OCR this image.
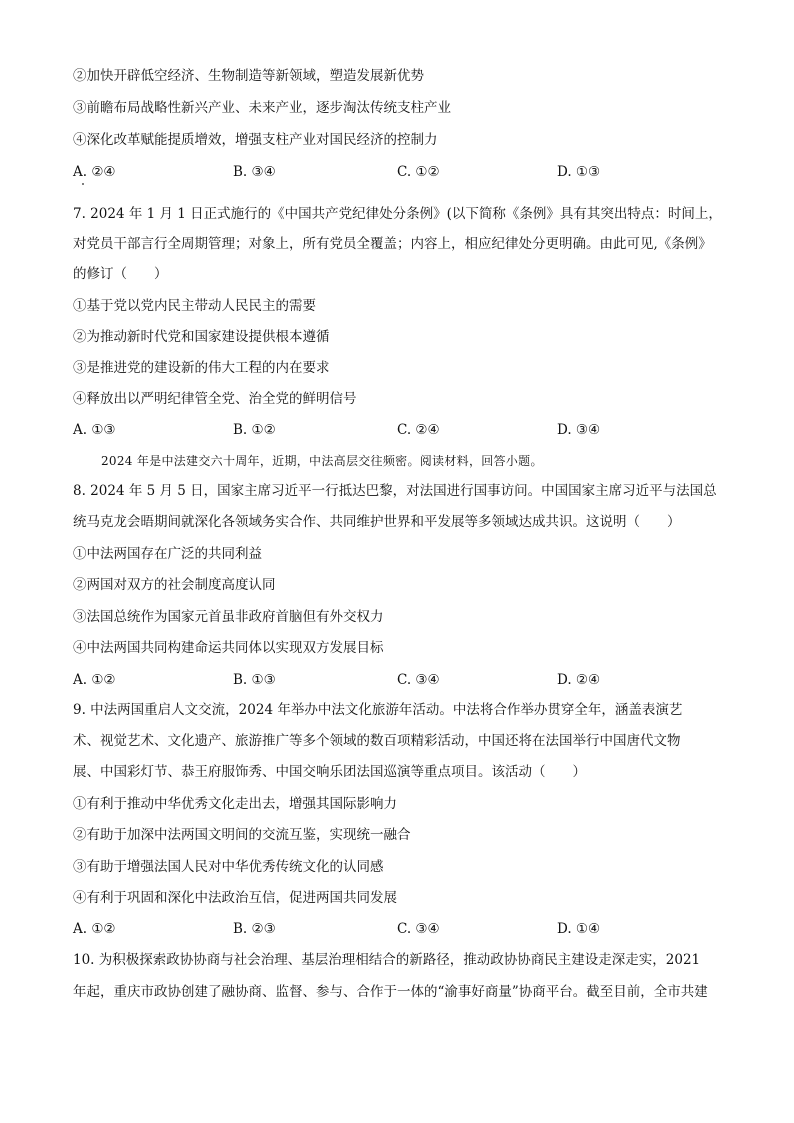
②加快开辟低空经济、生物制造等新领域，塑造发展新优势
③前瞻布局战略性新兴产业、未来产业，逐步淘汰传统支柱产业
④深化改革赋能提质增效，增强支柱产业对国民经济的控制力
A. ②④	B. ③④	C. ①②	D. ①③
7. 2024 年 1 月 1 日正式施行的《中国共产党纪律处分条例》(以下简称《条例》具有其突出特点：时间上，
对党员干部言行全周期管理；对象上，所有党员全覆盖；内容上，相应纪律处分更明确。由此可见,《条例》
的修订（　　）
①基于党以党内民主带动人民民主的需要
②为推动新时代党和国家建设提供根本遵循
③是推进党的建设新的伟大工程的内在要求
④释放出以严明纪律管全党、治全党的鲜明信号
A. ①③	B. ①②	C. ②④	D. ③④
2024 年是中法建交六十周年，近期，中法高层交往频密。阅读材料，回答小题。
8. 2024 年 5 月 5 日，国家主席习近平一行抵达巴黎，对法国进行国事访问。中国国家主席习近平与法国总
统马克龙会晤期间就深化各领域务实合作、共同维护世界和平发展等多领域达成共识。这说明（　　）
①中法两国存在广泛的共同利益
②两国对双方的社会制度高度认同
③法国总统作为国家元首虽非政府首脑但有外交权力
④中法两国共同构建命运共同体以实现双方发展目标
A. ①②	B. ①③	C. ③④	D. ②④
9. 中法两国重启人文交流，2024 年举办中法文化旅游年活动。中法将合作举办贯穿全年，涵盖表演艺
术、视觉艺术、文化遗产、旅游推广等多个领域的数百项精彩活动，中国还将在法国举行中国唐代文物
展、中国彩灯节、恭王府服饰秀、中国交响乐团法国巡演等重点项目。该活动（　　）
①有利于推动中华优秀文化走出去，增强其国际影响力
②有助于加深中法两国文明间的交流互鉴，实现统一融合
③有助于增强法国人民对中华优秀传统文化的认同感
④有利于巩固和深化中法政治互信，促进两国共同发展
A. ①②	B. ②③	C. ③④	D. ①④
10. 为积极探索政协协商与社会治理、基层治理相结合的新路径，推动政协协商民主建设走深走实，2021
年起，重庆市政协创建了融协商、监督、参与、合作于一体的“渝事好商量”协商平台。截至目前，全市共建
